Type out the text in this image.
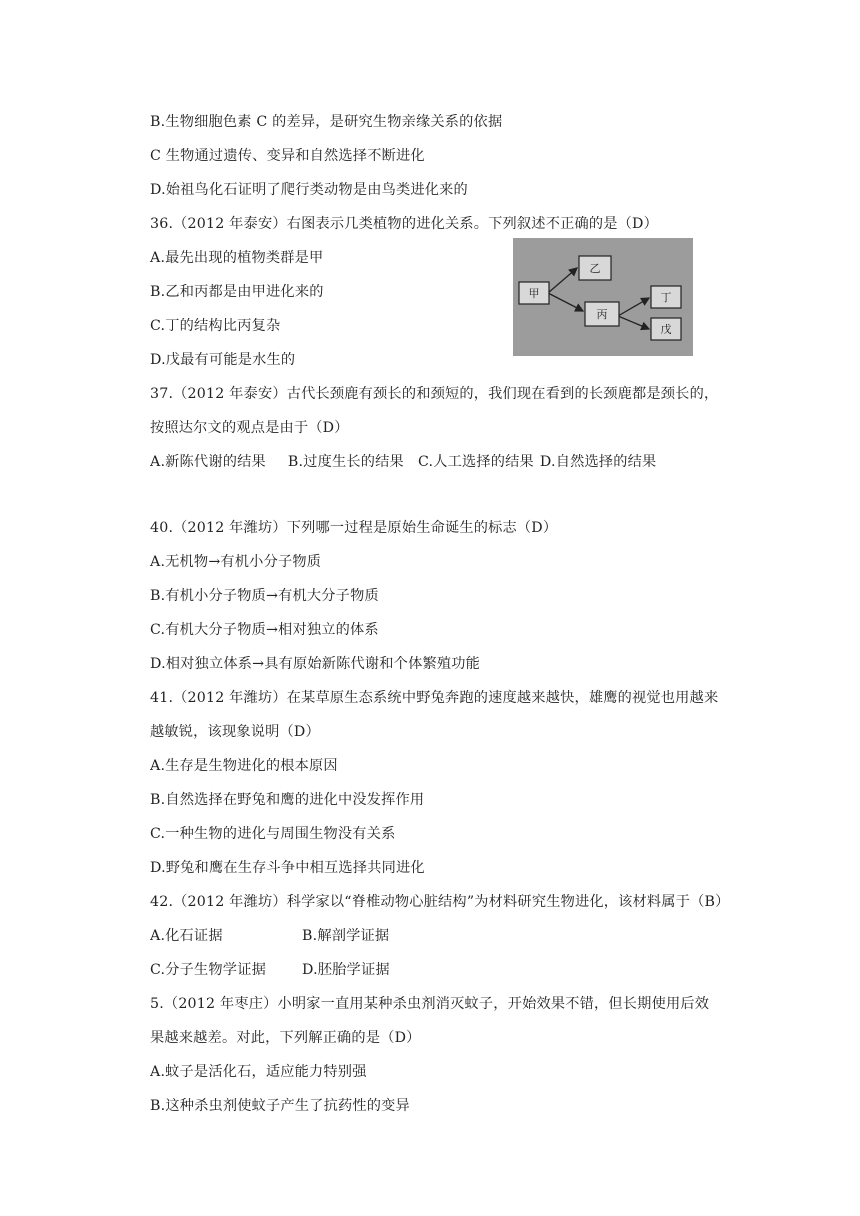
B.生物细胞色素 C 的差异，是研究生物亲缘关系的依据
C 生物通过遗传、变异和自然选择不断进化
D.始祖鸟化石证明了爬行类动物是由鸟类进化来的
36.（2012 年泰安）右图表示几类植物的进化关系。下列叙述不正确的是（D）
A.最先出现的植物类群是甲
B.乙和丙都是由甲进化来的
C.丁的结构比丙复杂
D.戊最有可能是水生的
甲
乙
丙
丁
戊
37.（2012 年泰安）古代长颈鹿有颈长的和颈短的，我们现在看到的长颈鹿都是颈长的，
按照达尔文的观点是由于（D）
A.新陈代谢的结果 B.过度生长的结果 C.人工选择的结果 D.自然选择的结果
40.（2012 年潍坊）下列哪一过程是原始生命诞生的标志（D）
A.无机物→有机小分子物质
B.有机小分子物质→有机大分子物质
C.有机大分子物质→相对独立的体系
D.相对独立体系→具有原始新陈代谢和个体繁殖功能
41.（2012 年潍坊）在某草原生态系统中野兔奔跑的速度越来越快，雄鹰的视觉也用越来
越敏锐，该现象说明（D）
A.生存是生物进化的根本原因
B.自然选择在野兔和鹰的进化中没发挥作用
C.一种生物的进化与周围生物没有关系
D.野兔和鹰在生存斗争中相互选择共同进化
42.（2012 年潍坊）科学家以“脊椎动物心脏结构”为材料研究生物进化，该材料属于（B）
A.化石证据	B.解剖学证据
C.分子生物学证据	D.胚胎学证据
5.（2012 年枣庄）小明家一直用某种杀虫剂消灭蚊子，开始效果不错，但长期使用后效
果越来越差。对此，下列解正确的是（D）
A.蚊子是活化石，适应能力特别强
B.这种杀虫剂使蚊子产生了抗药性的变异
